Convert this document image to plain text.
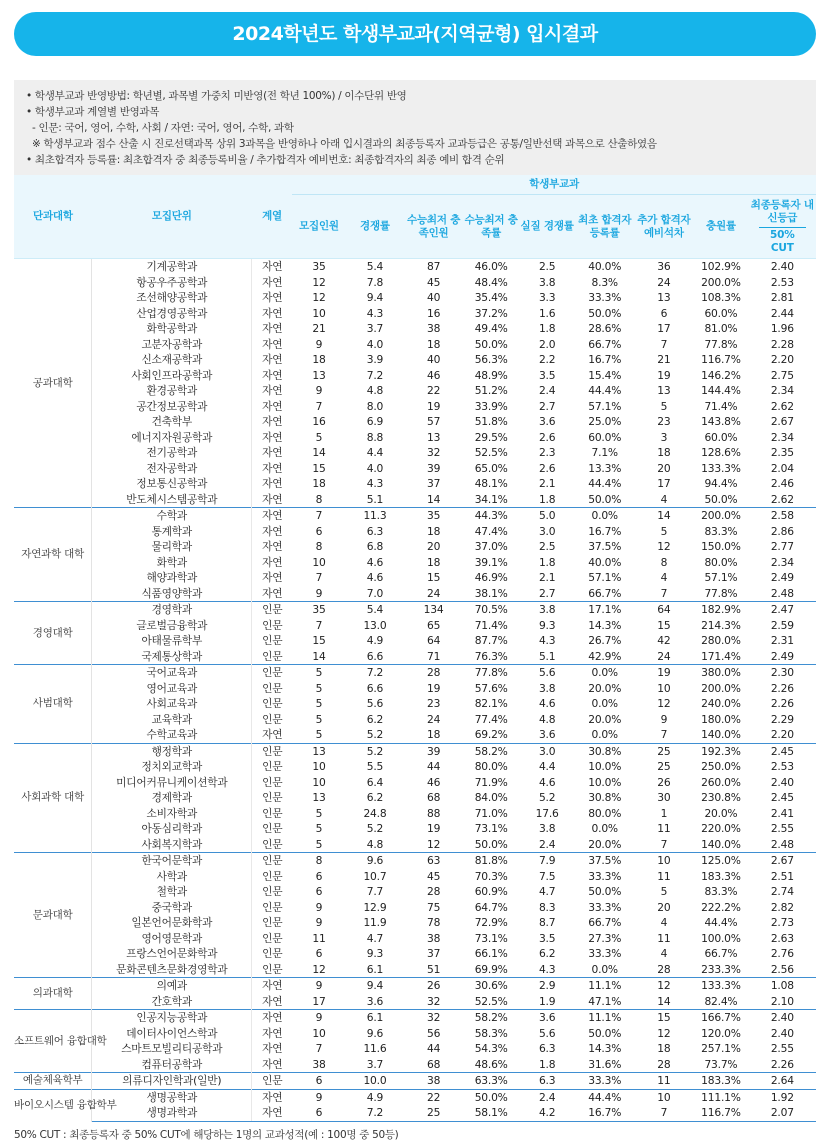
2024학년도 학생부교과(지역균형) 입시결과
• 학생부교과 반영방법: 학년별, 과목별 가중치 미반영(전 학년 100%) / 이수단위 반영
• 학생부교과 계열별 반영과목
- 인문: 국어, 영어, 수학, 사회 / 자연: 국어, 영어, 수학, 과학
※ 학생부교과 점수 산출 시 진로선택과목 상위 3과목을 반영하나 아래 입시결과의 최종등록자 교과등급은 공통/일반선택 과목으로 산출하였음
• 최초합격자 등록률: 최초합격자 중 최종등록비율 / 추가합격자 예비번호: 최종합격자의 최종 예비 합격 순위
단과대학	모집단위	계열	학생부교과								
			모집인원	경쟁률	수능최저 충족인원	수능최저 충족률	실질 경쟁률	최초 합격자 등록률	추가 합격자 예비석차	충원률	최종등록자 내신등급
50% CUT

공과대학	기계공학과	자연	35	5.4	87	46.0%	2.5	40.0%	36	102.9%	2.40
	항공우주공학과	자연	12	7.8	45	48.4%	3.8	8.3%	24	200.0%	2.53
	조선해양공학과	자연	12	9.4	40	35.4%	3.3	33.3%	13	108.3%	2.81
	산업경영공학과	자연	10	4.3	16	37.2%	1.6	50.0%	6	60.0%	2.44
	화학공학과	자연	21	3.7	38	49.4%	1.8	28.6%	17	81.0%	1.96
	고분자공학과	자연	9	4.0	18	50.0%	2.0	66.7%	7	77.8%	2.28
	신소재공학과	자연	18	3.9	40	56.3%	2.2	16.7%	21	116.7%	2.20
	사회인프라공학과	자연	13	7.2	46	48.9%	3.5	15.4%	19	146.2%	2.75
	환경공학과	자연	9	4.8	22	51.2%	2.4	44.4%	13	144.4%	2.34
	공간정보공학과	자연	7	8.0	19	33.9%	2.7	57.1%	5	71.4%	2.62
	건축학부	자연	16	6.9	57	51.8%	3.6	25.0%	23	143.8%	2.67
	에너지자원공학과	자연	5	8.8	13	29.5%	2.6	60.0%	3	60.0%	2.34
	전기공학과	자연	14	4.4	32	52.5%	2.3	7.1%	18	128.6%	2.35
	전자공학과	자연	15	4.0	39	65.0%	2.6	13.3%	20	133.3%	2.04
	정보통신공학과	자연	18	4.3	37	48.1%	2.1	44.4%	17	94.4%	2.46
	반도체시스템공학과	자연	8	5.1	14	34.1%	1.8	50.0%	4	50.0%	2.62
자연과학 대학	수학과	자연	7	11.3	35	44.3%	5.0	0.0%	14	200.0%	2.58
	통계학과	자연	6	6.3	18	47.4%	3.0	16.7%	5	83.3%	2.86
	물리학과	자연	8	6.8	20	37.0%	2.5	37.5%	12	150.0%	2.77
	화학과	자연	10	4.6	18	39.1%	1.8	40.0%	8	80.0%	2.34
	해양과학과	자연	7	4.6	15	46.9%	2.1	57.1%	4	57.1%	2.49
	식품영양학과	자연	9	7.0	24	38.1%	2.7	66.7%	7	77.8%	2.48
경영대학	경영학과	인문	35	5.4	134	70.5%	3.8	17.1%	64	182.9%	2.47
	글로벌금융학과	인문	7	13.0	65	71.4%	9.3	14.3%	15	214.3%	2.59
	아태물류학부	인문	15	4.9	64	87.7%	4.3	26.7%	42	280.0%	2.31
	국제통상학과	인문	14	6.6	71	76.3%	5.1	42.9%	24	171.4%	2.49
사범대학	국어교육과	인문	5	7.2	28	77.8%	5.6	0.0%	19	380.0%	2.30
	영어교육과	인문	5	6.6	19	57.6%	3.8	20.0%	10	200.0%	2.26
	사회교육과	인문	5	5.6	23	82.1%	4.6	0.0%	12	240.0%	2.26
	교육학과	인문	5	6.2	24	77.4%	4.8	20.0%	9	180.0%	2.29
	수학교육과	자연	5	5.2	18	69.2%	3.6	0.0%	7	140.0%	2.20
사회과학 대학	행정학과	인문	13	5.2	39	58.2%	3.0	30.8%	25	192.3%	2.45
	정치외교학과	인문	10	5.5	44	80.0%	4.4	10.0%	25	250.0%	2.53
	미디어커뮤니케이션학과	인문	10	6.4	46	71.9%	4.6	10.0%	26	260.0%	2.40
	경제학과	인문	13	6.2	68	84.0%	5.2	30.8%	30	230.8%	2.45
	소비자학과	인문	5	24.8	88	71.0%	17.6	80.0%	1	20.0%	2.41
	아동심리학과	인문	5	5.2	19	73.1%	3.8	0.0%	11	220.0%	2.55
	사회복지학과	인문	5	4.8	12	50.0%	2.4	20.0%	7	140.0%	2.48
문과대학	한국어문학과	인문	8	9.6	63	81.8%	7.9	37.5%	10	125.0%	2.67
	사학과	인문	6	10.7	45	70.3%	7.5	33.3%	11	183.3%	2.51
	철학과	인문	6	7.7	28	60.9%	4.7	50.0%	5	83.3%	2.74
	중국학과	인문	9	12.9	75	64.7%	8.3	33.3%	20	222.2%	2.82
	일본언어문화학과	인문	9	11.9	78	72.9%	8.7	66.7%	4	44.4%	2.73
	영어영문학과	인문	11	4.7	38	73.1%	3.5	27.3%	11	100.0%	2.63
	프랑스언어문화학과	인문	6	9.3	37	66.1%	6.2	33.3%	4	66.7%	2.76
	문화콘텐츠문화경영학과	인문	12	6.1	51	69.9%	4.3	0.0%	28	233.3%	2.56
의과대학	의예과	자연	9	9.4	26	30.6%	2.9	11.1%	12	133.3%	1.08
	간호학과	자연	17	3.6	32	52.5%	1.9	47.1%	14	82.4%	2.10
소프트웨어 융합대학	인공지능공학과	자연	9	6.1	32	58.2%	3.6	11.1%	15	166.7%	2.40
	데이터사이언스학과	자연	10	9.6	56	58.3%	5.6	50.0%	12	120.0%	2.40
	스마트모빌리티공학과	자연	7	11.6	44	54.3%	6.3	14.3%	18	257.1%	2.55
	컴퓨터공학과	자연	38	3.7	68	48.6%	1.8	31.6%	28	73.7%	2.26
예술체육학부	의류디자인학과(일반)	인문	6	10.0	38	63.3%	6.3	33.3%	11	183.3%	2.64
바이오시스템 융합학부	생명공학과	자연	9	4.9	22	50.0%	2.4	44.4%	10	111.1%	1.92
	생명과학과	자연	6	7.2	25	58.1%	4.2	16.7%	7	116.7%	2.07
50% CUT : 최종등록자 중 50% CUT에 해당하는 1명의 교과성적(예 : 100명 중 50등)
